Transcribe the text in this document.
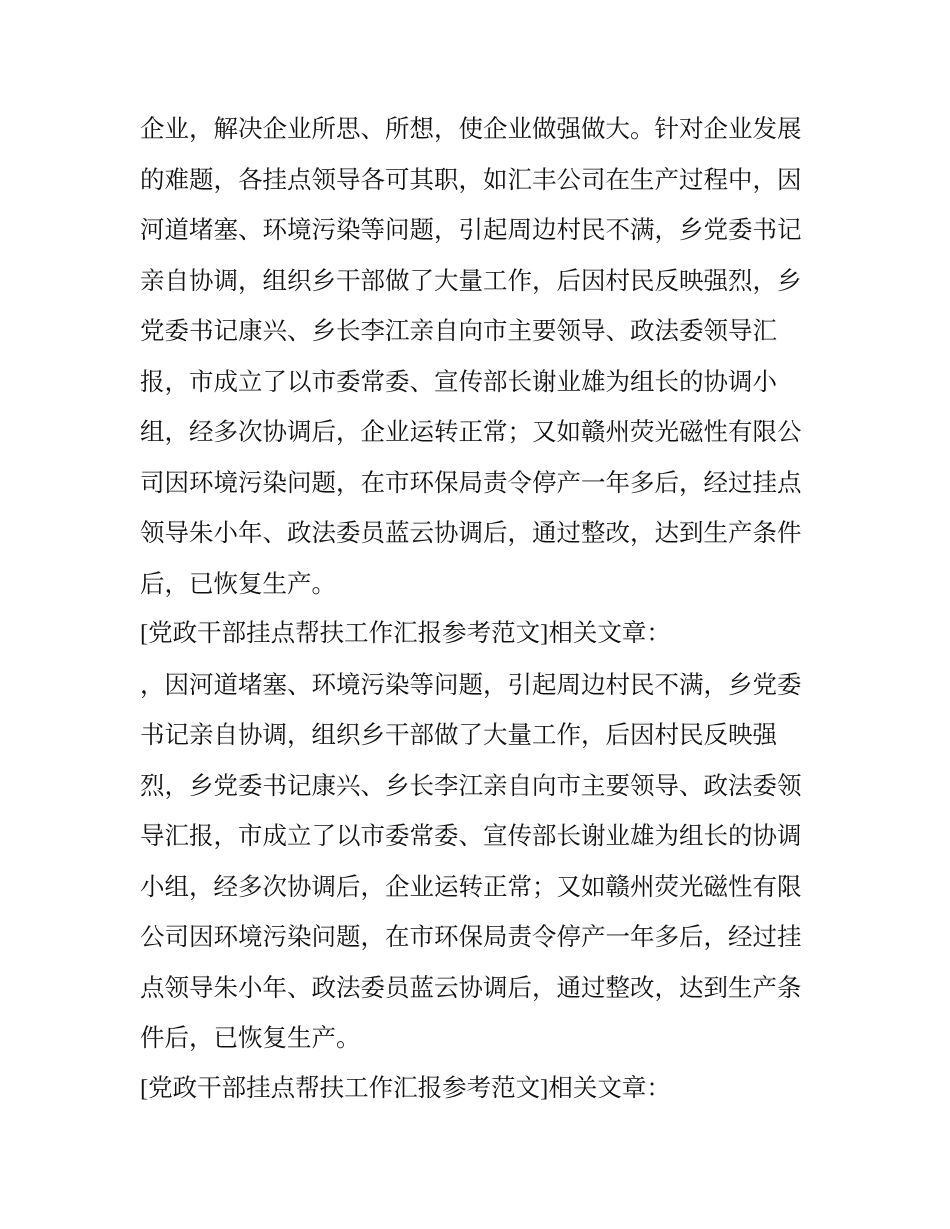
企业，解决企业所思、所想，使企业做强做大。针对企业发展
的难题，各挂点领导各可其职，如汇丰公司在生产过程中，因
河道堵塞、环境污染等问题，引起周边村民不满，乡党委书记
亲自协调，组织乡干部做了大量工作，后因村民反映强烈，乡
党委书记康兴、乡长李江亲自向市主要领导、政法委领导汇
报，市成立了以市委常委、宣传部长谢业雄为组长的协调小
组，经多次协调后，企业运转正常；又如赣州荧光磁性有限公
司因环境污染问题，在市环保局责令停产一年多后，经过挂点
领导朱小年、政法委员蓝云协调后，通过整改，达到生产条件
后，已恢复生产。
[党政干部挂点帮扶工作汇报参考范文]相关文章：
，因河道堵塞、环境污染等问题，引起周边村民不满，乡党委
书记亲自协调，组织乡干部做了大量工作，后因村民反映强
烈，乡党委书记康兴、乡长李江亲自向市主要领导、政法委领
导汇报，市成立了以市委常委、宣传部长谢业雄为组长的协调
小组，经多次协调后，企业运转正常；又如赣州荧光磁性有限
公司因环境污染问题，在市环保局责令停产一年多后，经过挂
点领导朱小年、政法委员蓝云协调后，通过整改，达到生产条
件后，已恢复生产。
[党政干部挂点帮扶工作汇报参考范文]相关文章：
